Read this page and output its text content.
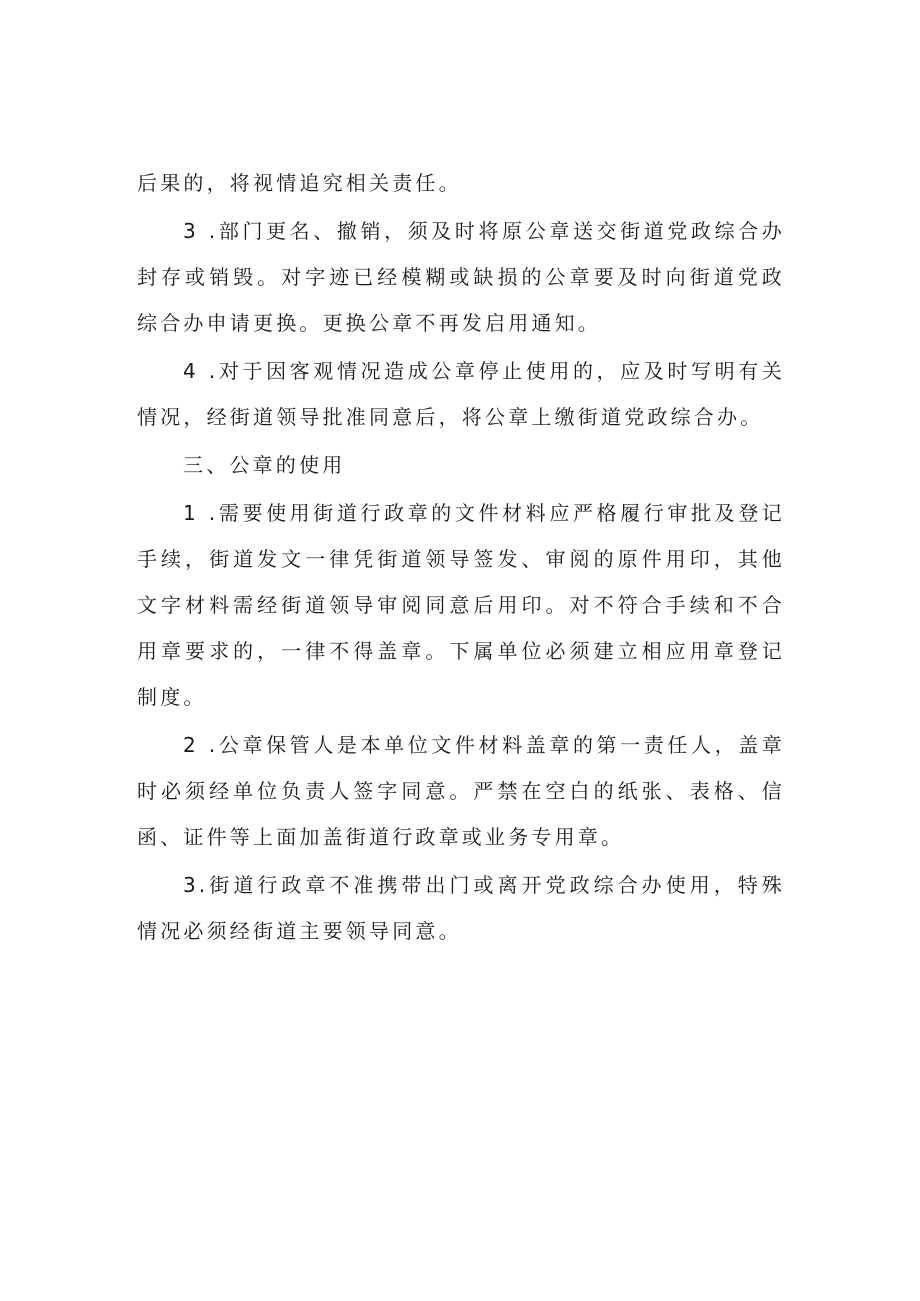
后果的，将视情追究相关责任。

3 .部门更名、撤销，须及时将原公章送交街道党政综合办封存或销毁。对字迹已经模糊或缺损的公章要及时向街道党政综合办申请更换。更换公章不再发启用通知。

4 .对于因客观情况造成公章停止使用的，应及时写明有关情况，经街道领导批准同意后，将公章上缴街道党政综合办。

三、公章的使用

1 .需要使用街道行政章的文件材料应严格履行审批及登记手续，街道发文一律凭街道领导签发、审阅的原件用印，其他文字材料需经街道领导审阅同意后用印。对不符合手续和不合用章要求的，一律不得盖章。下属单位必须建立相应用章登记制度。

2 .公章保管人是本单位文件材料盖章的第一责任人，盖章时必须经单位负责人签字同意。严禁在空白的纸张、表格、信函、证件等上面加盖街道行政章或业务专用章。

3.街道行政章不准携带出门或离开党政综合办使用，特殊情况必须经街道主要领导同意。
